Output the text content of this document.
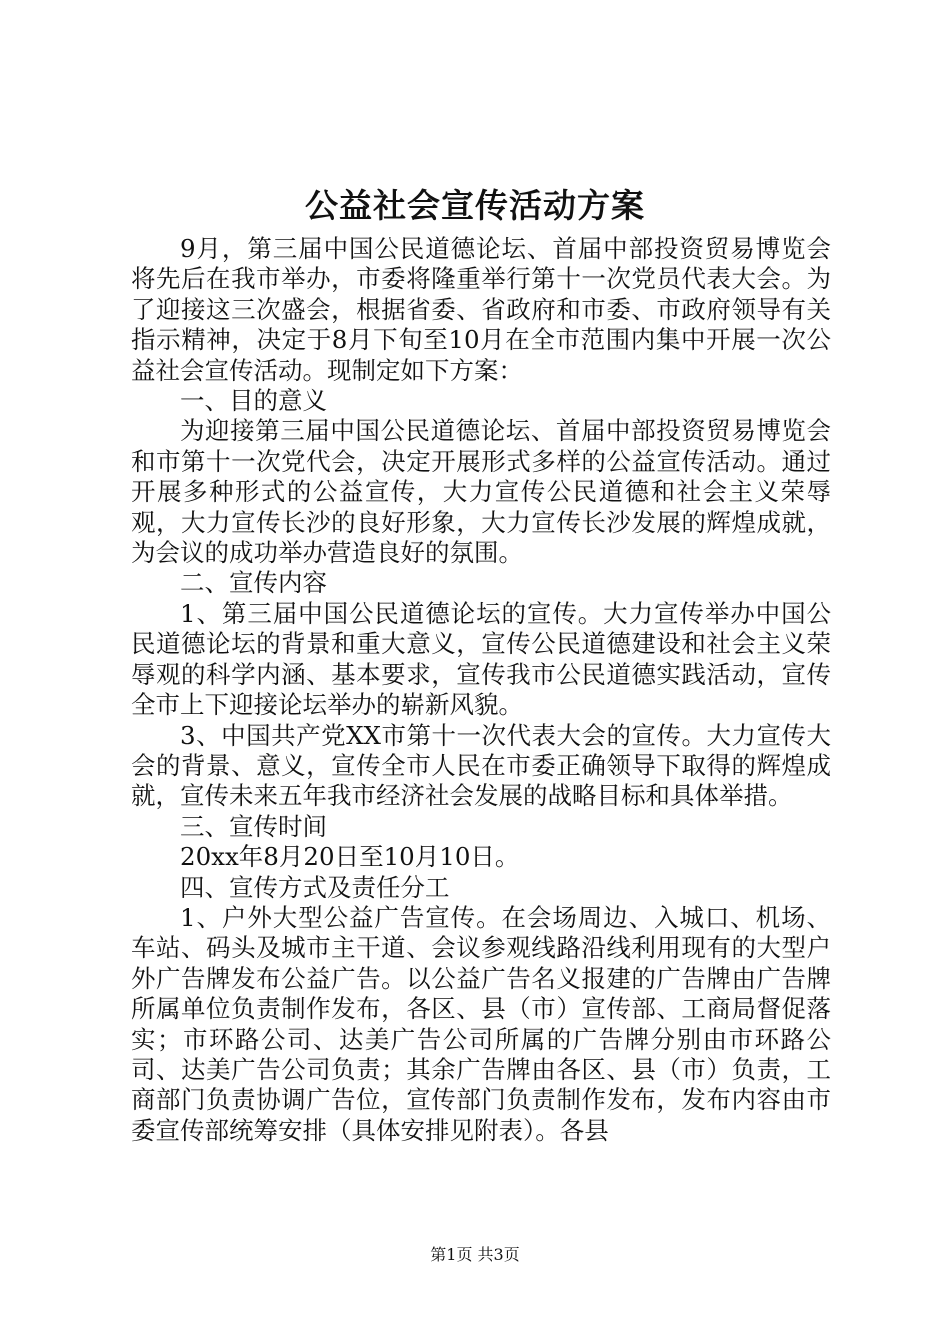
公益社会宣传活动方案

9月，第三届中国公民道德论坛、首届中部投资贸易博览会将先后在我市举办，市委将隆重举行第十一次党员代表大会。为了迎接这三次盛会，根据省委、省政府和市委、市政府领导有关指示精神，决定于8月下旬至10月在全市范围内集中开展一次公益社会宣传活动。现制定如下方案：

一、目的意义

为迎接第三届中国公民道德论坛、首届中部投资贸易博览会和市第十一次党代会，决定开展形式多样的公益宣传活动。通过开展多种形式的公益宣传，大力宣传公民道德和社会主义荣辱观，大力宣传长沙的良好形象，大力宣传长沙发展的辉煌成就，为会议的成功举办营造良好的氛围。

二、宣传内容

1、第三届中国公民道德论坛的宣传。大力宣传举办中国公民道德论坛的背景和重大意义，宣传公民道德建设和社会主义荣辱观的科学内涵、基本要求，宣传我市公民道德实践活动，宣传全市上下迎接论坛举办的崭新风貌。

3、中国共产党XX市第十一次代表大会的宣传。大力宣传大会的背景、意义，宣传全市人民在市委正确领导下取得的辉煌成就，宣传未来五年我市经济社会发展的战略目标和具体举措。

三、宣传时间

20xx年8月20日至10月10日。

四、宣传方式及责任分工

1、户外大型公益广告宣传。在会场周边、入城口、机场、车站、码头及城市主干道、会议参观线路沿线利用现有的大型户外广告牌发布公益广告。以公益广告名义报建的广告牌由广告牌所属单位负责制作发布，各区、县（市）宣传部、工商局督促落实；市环路公司、达美广告公司所属的广告牌分别由市环路公司、达美广告公司负责；其余广告牌由各区、县（市）负责，工商部门负责协调广告位，宣传部门负责制作发布，发布内容由市委宣传部统筹安排（具体安排见附表）。各县

第1页 共3页
